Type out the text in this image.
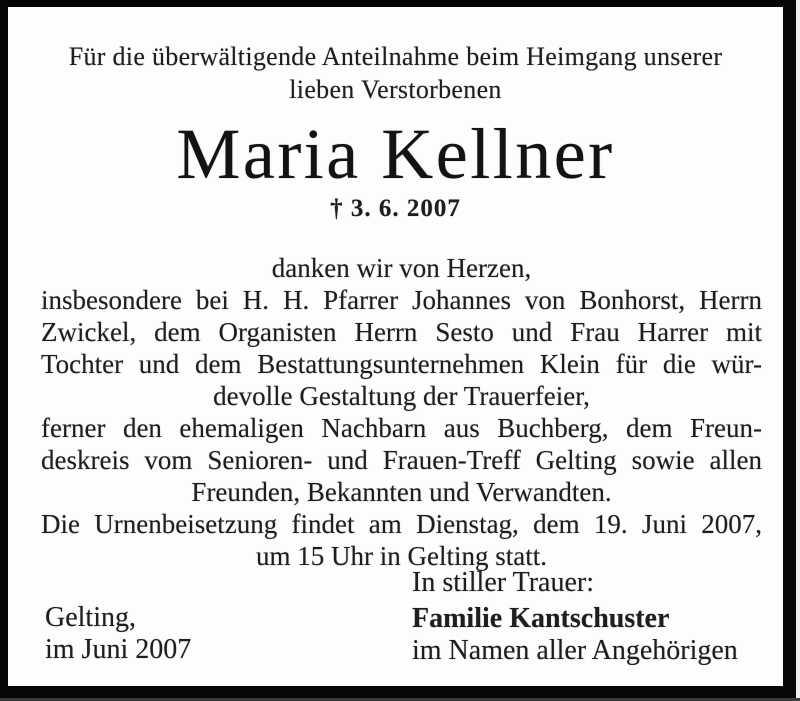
Für die überwältigende Anteilnahme beim Heimgang unserer
lieben Verstorbenen
Maria Kellner
† 3. 6. 2007
danken wir von Herzen,
insbesondere bei H. H. Pfarrer Johannes von Bonhorst, Herrn
Zwickel, dem Organisten Herrn Sesto und Frau Harrer mit
Tochter und dem Bestattungsunternehmen Klein für die wür-
devolle Gestaltung der Trauerfeier,
ferner den ehemaligen Nachbarn aus Buchberg, dem Freun-
deskreis vom Senioren- und Frauen-Treff Gelting sowie allen
Freunden, Bekannten und Verwandten.
Die Urnenbeisetzung findet am Dienstag, dem 19. Juni 2007,
um 15 Uhr in Gelting statt.
In stiller Trauer:
Familie Kantschuster
im Namen aller Angehörigen
Gelting,
im Juni 2007
